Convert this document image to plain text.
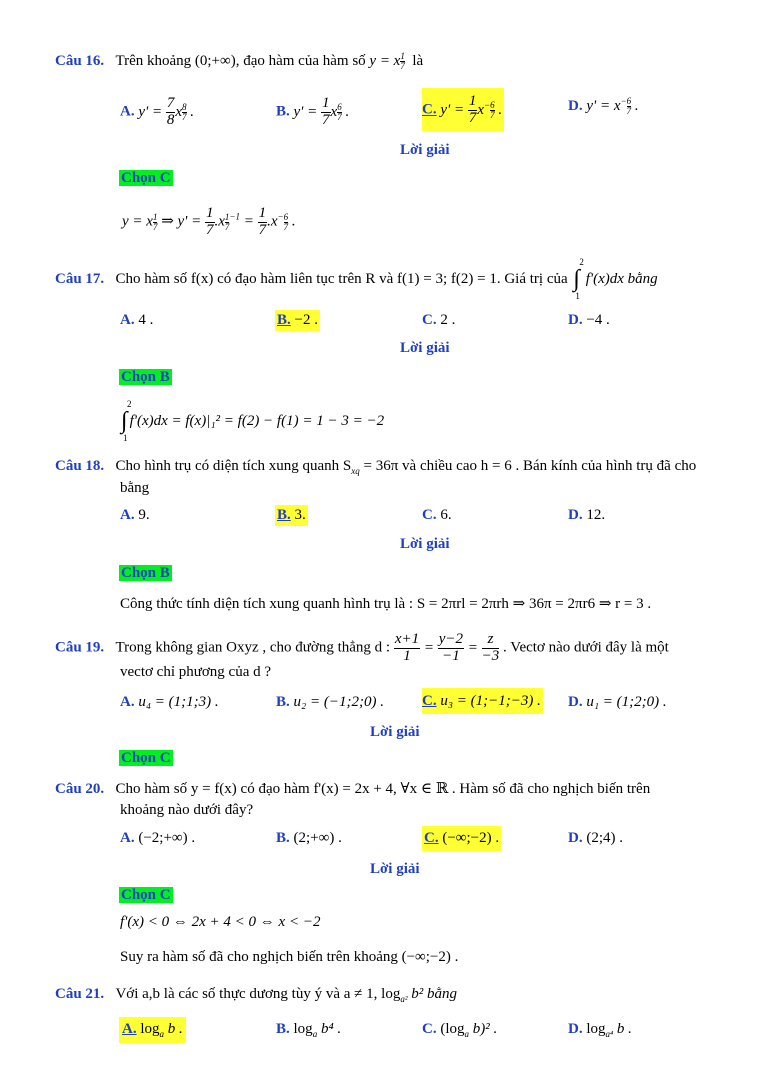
Câu 16. Trên khoảng (0;+∞), đạo hàm của hàm số y = x $\frac{1}{7}$ là
A. $y' = \frac{7}{8}$ x $\frac{8}{7}$ .	B. $y' = \frac{1}{7}$ x $\frac{6}{7}$ .	C. $y' = \frac{1}{7} x^- \frac{6}{7}$ .	D. $y' = x^- \frac{6}{7}$ .
Lời giải
Chọn C
y = x $\frac{1}{7}$ ⇒ $y' = \frac{1}{7} .x \frac{1}{7} ^{-1} = \frac{1}{7} .x^- \frac{6}{7}$ .
Câu 17. Cho hàm số f(x) có đạo hàm liên tục trên R và f(1) = 3; f(2) = 1. Giá trị của ∫
2
1
f'(x)dx bằng
A. 4 .	B. −2 .	C. 2 .	D. −4 .
Lời giải
Chọn B
∫
2
1
f'(x)dx = f(x)|₁² = f(2) − f(1) = 1 − 3 = −2
Câu 18. Cho hình trụ có diện tích xung quanh $S_{xq} = 36\pi$ và chiều cao h = 6 . Bán kính của hình trụ đã cho
bằng
A. 9.	B. 3.	C. 6.	D. 12.
Lời giải
Chọn B
Công thức tính diện tích xung quanh hình trụ là : S = 2πrl = 2πrh ⇒ 36π = 2πr6 ⇒ r = 3 .
Câu 19. Trong không gian Oxyz , cho đường thẳng d : $\frac{x+1}{1} = \frac{y-2}{-1} = \frac{z}{-3}$ . Vectơ nào dưới đây là một
vectơ chỉ phương của d ?
A. u₄ = (1;1;3) .	B. u₂ = (−1;2;0) .	C. u₃ = (1;−1;−3) . D. u₁ = (1;2;0) .
Lời giải
Chọn C
Câu 20. Cho hàm số y = f(x) có đạo hàm f'(x) = 2x + 4, ∀x ∈ ℝ . Hàm số đã cho nghịch biến trên
khoảng nào dưới đây?
A. (−2;+∞) .	B. (2;+∞) .	C. (−∞;−2) .	D. (2;4) .
Lời giải
Chọn C
f'(x) < 0 ⇔ 2x + 4 < 0 ⇔ x < −2
Suy ra hàm số đã cho nghịch biến trên khoảng (−∞;−2) .
Câu 21. Với a,b là các số thực dương tùy ý và a ≠ 1, $\log_{a^2} b^2$ bằng
A. $\log_a b$ .	B. $\log_a b^4$ .	C. ($\log_a$ b)² .	D. $\log_{a^4} b$ .
